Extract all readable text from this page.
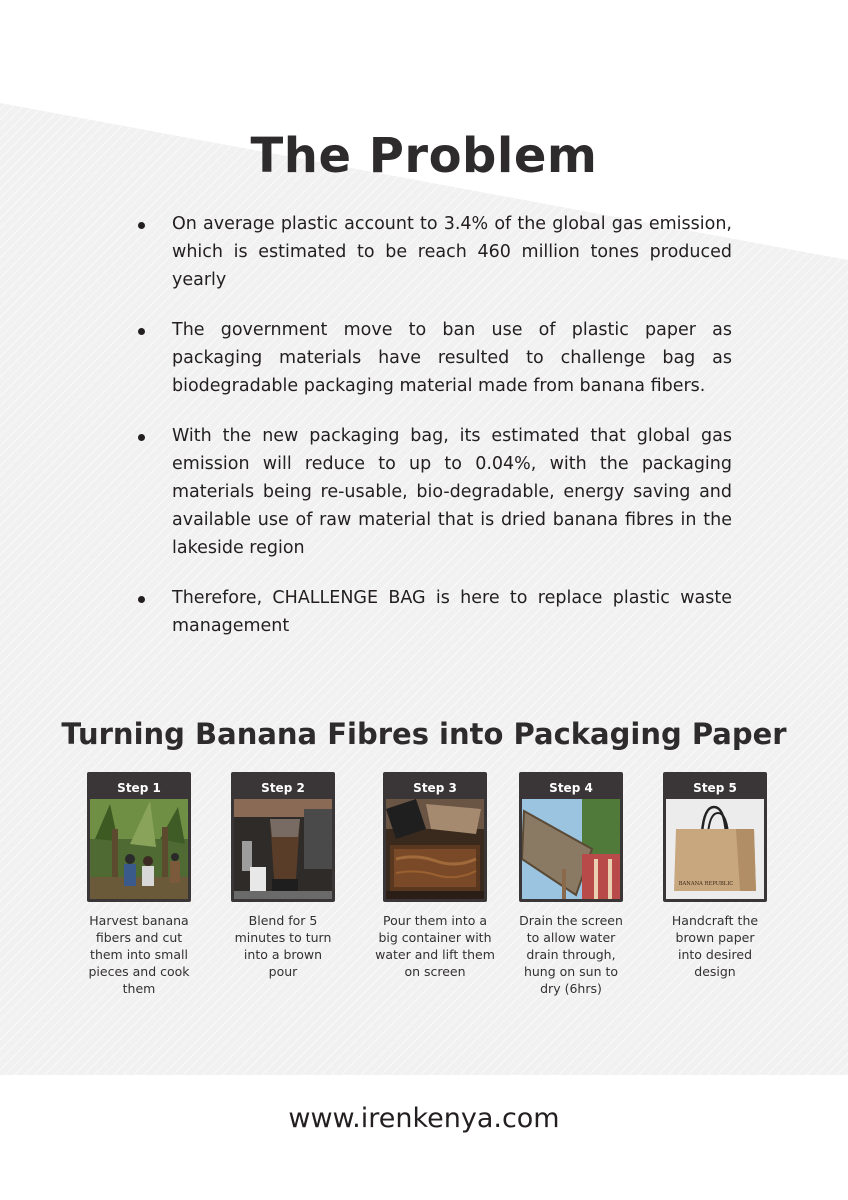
The Problem
On average plastic account to 3.4% of the global gas emission, which is estimated to be reach 460 million tones produced yearly
The government move to ban use of plastic paper as packaging materials have resulted to challenge bag as biodegradable packaging material made from banana fibers.
With the new packaging bag, its estimated that global gas emission will reduce to up to 0.04%, with the packaging materials being re-usable, bio-degradable, energy saving and available use of raw material that is dried banana fibres in the lakeside region
Therefore, CHALLENGE BAG is here to replace plastic waste management
Turning Banana Fibres into Packaging Paper
Step 1
Harvest banana fibers and cut them into small pieces and cook them
Step 2
Blend for 5 minutes to turn into a brown pour
Step 3
Pour them into a big container with water and lift them on screen
Step 4
Drain the screen to allow water drain through, hung on sun to dry (6hrs)
Step 5
BANANA REPUBLIC
Handcraft the brown paper into desired design
www.irenkenya.com
